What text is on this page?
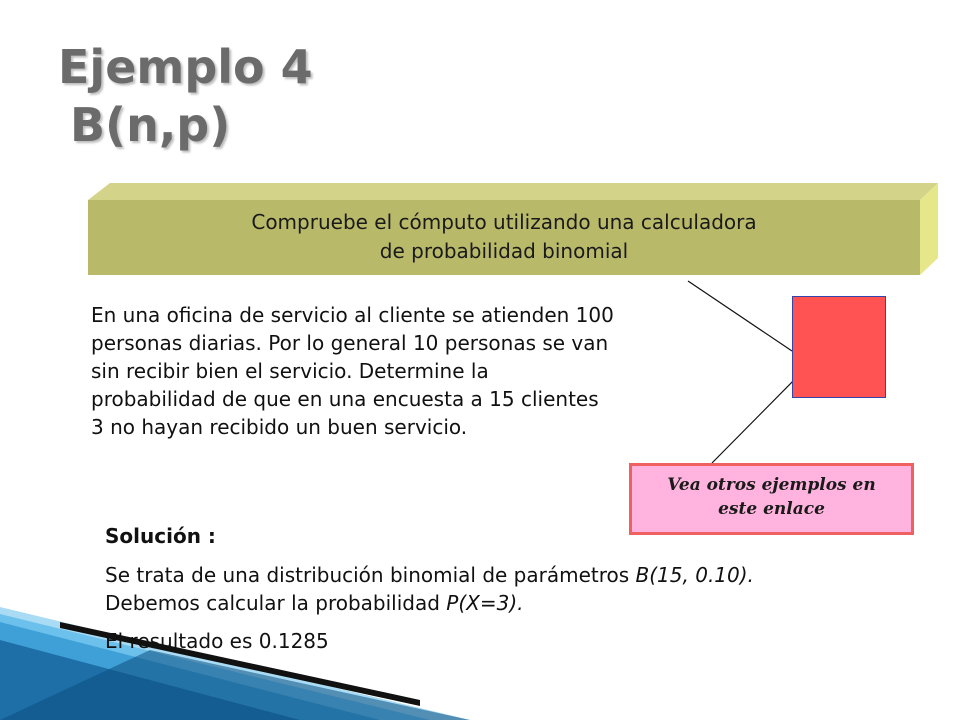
Ejemplo 4
B(n,p)
Compruebe el cómputo utilizando una calculadora
de probabilidad binomial
En una oficina de servicio al cliente se atienden 100
personas diarias. Por lo general 10 personas se van
sin recibir bien el servicio. Determine la
probabilidad de que en una encuesta a 15 clientes
3 no hayan recibido un buen servicio.
Vea otros ejemplos en
este enlace
Solución :
Se trata de una distribución binomial de parámetros B(15, 0.10).
Debemos calcular la probabilidad P(X=3).
El resultado es 0.1285
